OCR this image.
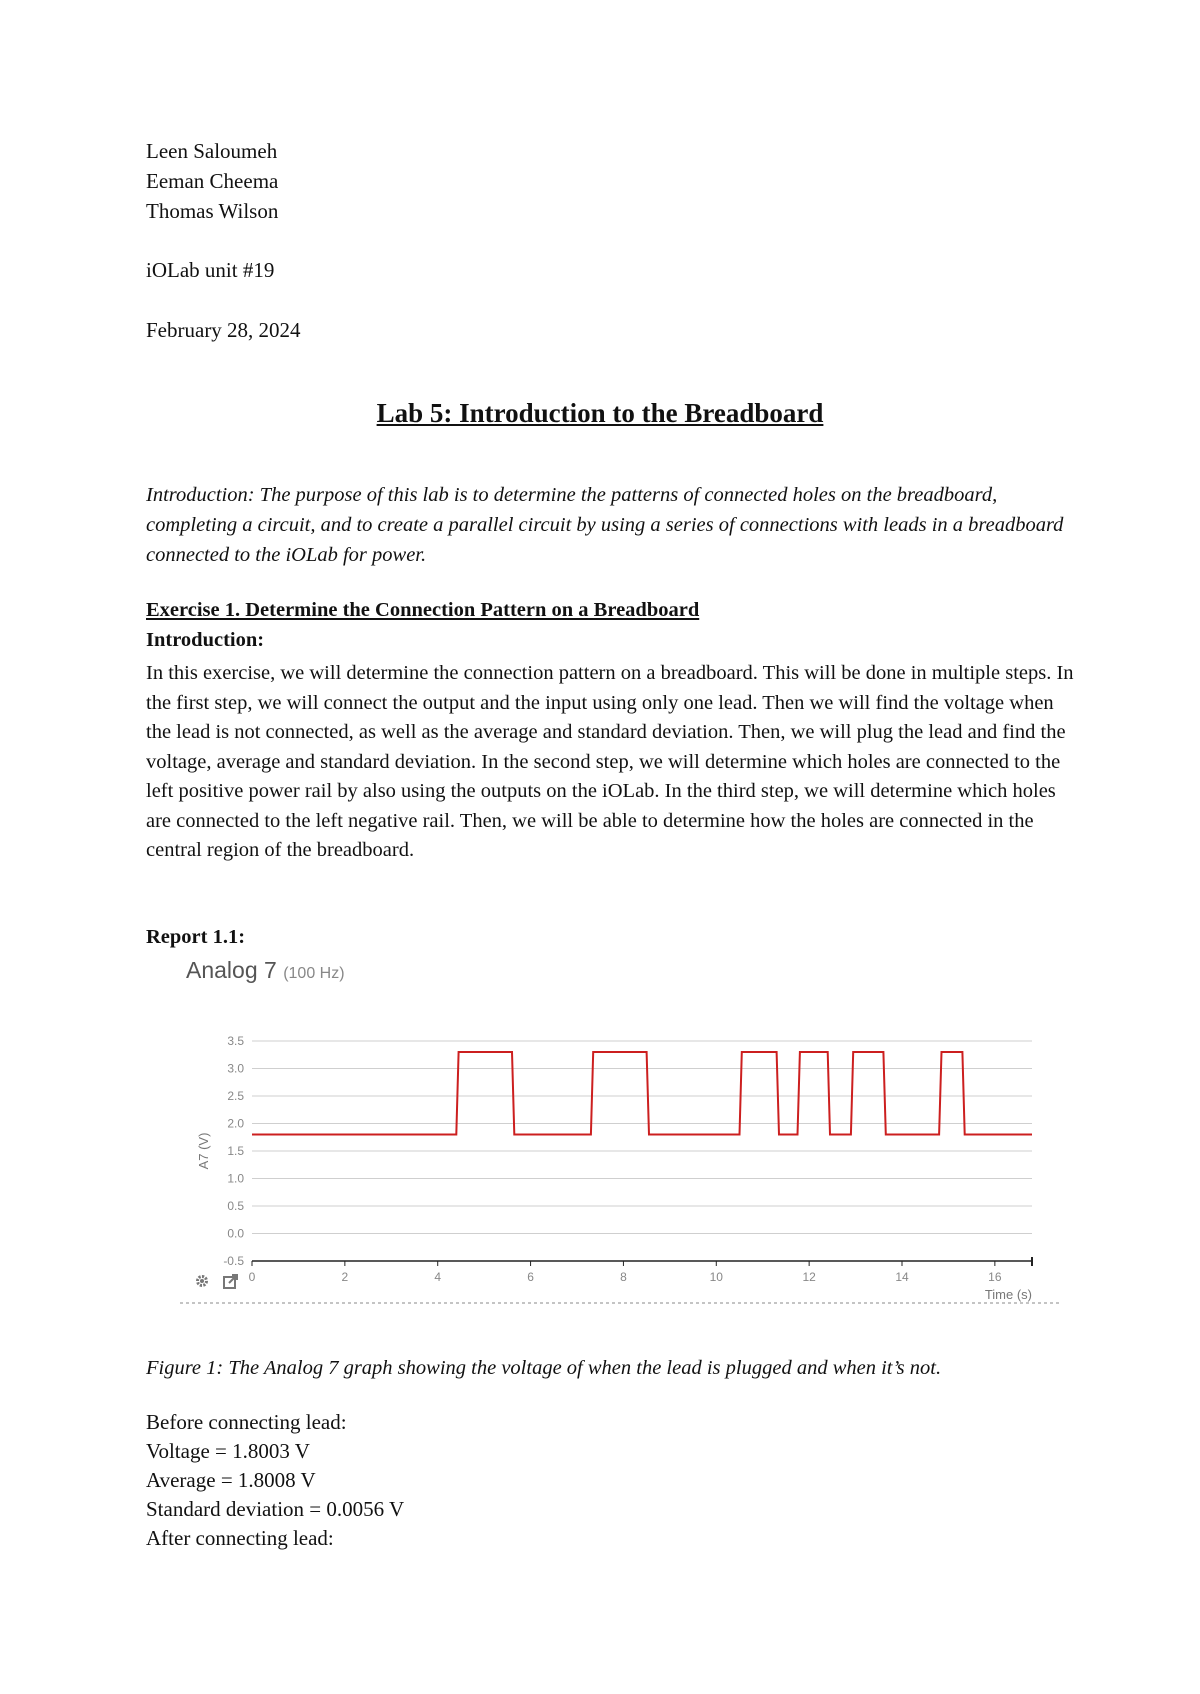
Leen Saloumeh
Eeman Cheema
Thomas Wilson
iOLab unit #19
February 28, 2024
Lab 5: Introduction to the Breadboard
Introduction: The purpose of this lab is to determine the patterns of connected holes on the breadboard, completing a circuit, and to create a parallel circuit by using a series of connections with leads in a breadboard connected to the iOLab for power.
Exercise 1. Determine the Connection Pattern on a Breadboard
Introduction:
In this exercise, we will determine the connection pattern on a breadboard. This will be done in multiple steps. In the first step, we will connect the output and the input using only one lead. Then we will find the voltage when the lead is not connected, as well as the average and standard deviation. Then, we will plug the lead and find the voltage, average and standard deviation. In the second step, we will determine which holes are connected to the left positive power rail by also using the outputs on the iOLab. In the third step, we will determine which holes are connected to the left negative rail. Then, we will be able to determine how the holes are connected in the central region of the breadboard.
Report 1.1:
Analog 7 (100 Hz)
-0.5
0.0
0.5
1.0
1.5
2.0
2.5
3.0
3.5
0	2	4	6	8	10	12	14	16
A7 (V)
Time (s)
Figure 1: The Analog 7 graph showing the voltage of when the lead is plugged and when it’s not.
Before connecting lead:
Voltage = 1.8003 V
Average = 1.8008 V
Standard deviation = 0.0056 V
After connecting lead:
